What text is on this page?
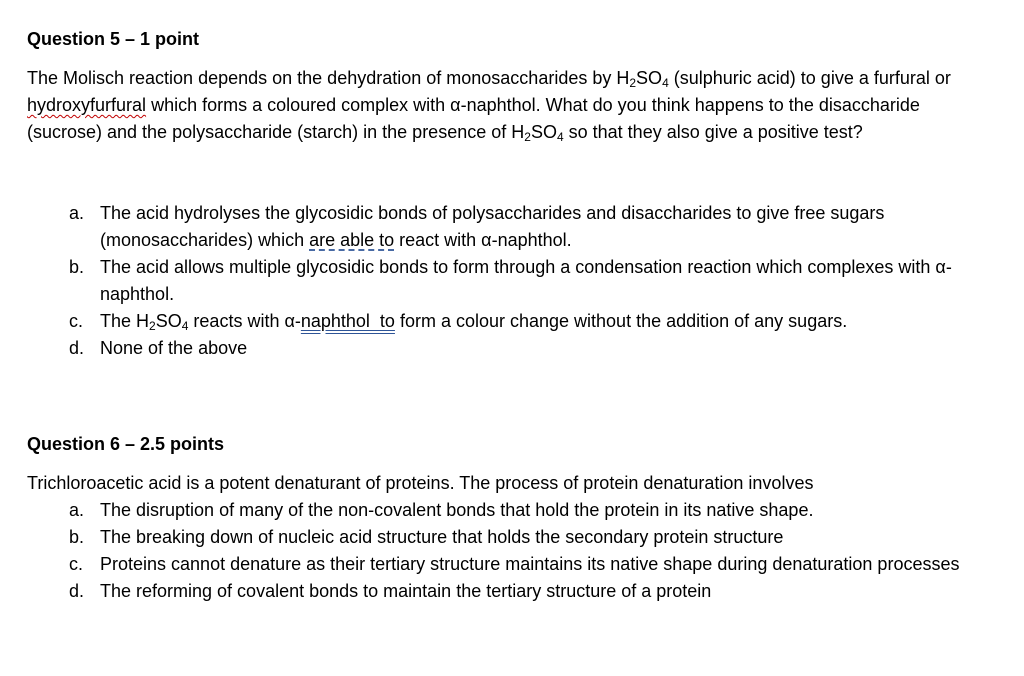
Question 5 – 1 point
The Molisch reaction depends on the dehydration of monosaccharides by $H_2SO_4$ (sulphuric acid) to give a furfural or hydroxyfurfural which forms a coloured complex with α-naphthol. What do you think happens to the disaccharide (sucrose) and the polysaccharide (starch) in the presence of $H_2SO_4$ so that they also give a positive test?
a. The acid hydrolyses the glycosidic bonds of polysaccharides and disaccharides to give free sugars (monosaccharides) which are able to react with α-naphthol.
b. The acid allows multiple glycosidic bonds to form through a condensation reaction which complexes with α-naphthol.
c. The $H_2SO_4$ reacts with α-naphthol  to form a colour change without the addition of any sugars.
d. None of the above
Question 6 – 2.5 points
Trichloroacetic acid is a potent denaturant of proteins. The process of protein denaturation involves
a. The disruption of many of the non-covalent bonds that hold the protein in its native shape.
b. The breaking down of nucleic acid structure that holds the secondary protein structure
c. Proteins cannot denature as their tertiary structure maintains its native shape during denaturation processes
d. The reforming of covalent bonds to maintain the tertiary structure of a protein
